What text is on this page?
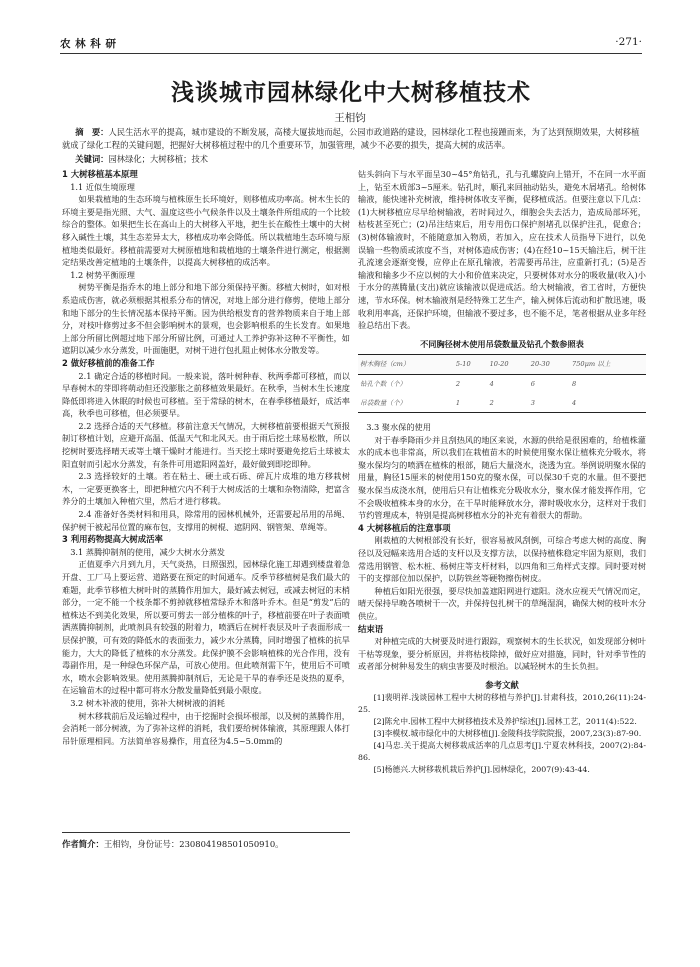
农 林 科 研	·271·
浅谈城市园林绿化中大树移植技术
王相钧
摘　要：人民生活水平的提高，城市建设的不断发展，高楼大厦拔地而起，公园市政道路的建设，园林绿化工程也接踵而来，为了达到预期效果，大树移植就成了绿化工程的关键问题，把握好大树移植过程中的几个重要环节，加强管理，减少不必要的损失，提高大树的成活率。
关键词：园林绿化；大树移植；技术

1 大树移植基本原理

1.1 近似生境原理

如果栽植地的生态环境与植株原生长环境好，则移植成功率高。树木生长的环境主要是指光照、大气、温度这些小气候条件以及土壤条件所组成的一个比较综合的整体。如果把生长在高山上的大树移入平地，把生长在酸性土壤中的大树移入碱性土壤，其生态差异太大，移植成功率会降低。所以栽植地生态环境与原植地类似最好。移植前需要对大树原植地和栽植地的土壤条件进行测定，根据测定结果改善定植地的土壤条件，以提高大树移植的成活率。

1.2 树势平衡原理

树势平衡是指乔木的地上部分和地下部分须保持平衡。移植大树时，如对根系造成伤害，就必须根据其根系分布的情况，对地上部分进行修剪，使地上部分和地下部分的生长情况基本保持平衡。因为供给根发育的营养物质来自于地上部分，对枝叶修剪过多不但会影响树木的景观，也会影响根系的生长发育。如果地上部分所留比例超过地下部分所留比例，可通过人工养护弥补这种不平衡性，如遮阴以减少水分蒸发，叶面施肥，对树干进行包扎阻止树体水分散发等。

2 做好移植前的准备工作

2.1 确定合适的移植时间。一般来说，落叶树种春、秋两季都可移植，而以早春树木的芽即将萌动但还没膨胀之前移植效果最好。在秋季，当树木生长速度降低即将进入休眠的时候也可移植。至于常绿的树木，在春季移植最好，成活率高，秋季也可移植，但必须要早。

2.2 选择合适的天气移植。移前注意天气情况，大树移植前要根据天气预报制订移植计划，应避开高温、低温天气和北风天。由于雨后挖土球易松散，所以挖树时要选择晴天或等土壤干燥时才能进行。当天挖土球时要避免挖后土球被太阳直射而引起水分蒸发，有条件可用遮阳网盖好，最好做到即挖即种。

2.3 选择较好的土壤。若在粘土、硬土或石砾、碎瓦片成堆的地方移栽树木，一定要更换客土，即把种植穴内不利于大树成活的土壤和杂物清除，把富含养分的土壤加入种植穴里，然后才进行移栽。

2.4 准备好各类材料和用具，除常用的园林机械外，还需要起吊用的吊绳、保护树干被起吊位置的麻布包，支撑用的树棍、遮阴网、钢管架、草绳等。

3 利用药物提高大树成活率

3.1 蒸腾抑制剂的使用，减少大树水分蒸发

正值夏季六月到九月，天气炎热，日照强烈，园林绿化施工却遇到楼盘着急开盘、工厂马上要运营、道路要在预定的时间通车。反季节移植树是我们最大的难题，此季节移植大树叶时的蒸腾作用加大，最好减去树冠，或减去树冠的末梢部分，一定不能一个枝条都不剪掉就移植常绿乔木和落叶乔木。但是“剪发”后的植株达不到美化效果，所以要可剪去一部分植株的叶子，移植前要在叶子表面喷洒蒸腾抑制剂，此喷剂具有较强的附着力，喷洒后在树杆表层及叶子表面形成一层保护膜，可有效的降低水的表面张力，减少水分蒸腾，同时增强了植株的抗旱能力，大大的降低了植株的水分蒸发。此保护膜不会影响植株的光合作用，没有毒副作用，是一种绿色环保产品，可放心使用。但此喷剂需下午，使用后不可喷水，喷水会影响效果。使用蒸腾抑制剂后，无论是干旱的春季还是炎热的夏季，在运输苗木的过程中都可将水分散发量降低到最小限度。

3.2 树木补液的使用，弥补大树树液的消耗

树木移栽前后及运输过程中，由于挖掘时会损坏根部，以及树的蒸腾作用，会消耗一部分树液，为了弥补这样的消耗，我们要给树体输液，其原理跟人体打吊针原理相同。方法简单容易操作，用直径为4.5~5.0mm的

钻头斜向下与水平面呈30~45°角钻孔，孔与孔螺旋向上错开，不在同一水平面上，钻至木质部3~5厘米。钻孔时，顺孔来回抽动钻头，避免木屑堵孔。给树体输液，能快速补充树液，维持树体收支平衡，促移植成活。但要注意以下几点：(1)大树移植应尽早给树输液，若时间过久，细胞会失去活力，造成局部坏死，枯枝甚至死亡；(2)吊注结束后，用专用伤口保护剂堵孔以保护注孔，促愈合；(3)树体输液时，不能随意加入物质，若加入，应在技术人员指导下进行，以免误输一些物质或浓度不当，对树体造成伤害；(4)在经10~15天输注后，树干注孔流速会逐渐变慢，应停止在原孔输液，若需要再吊注，应重新打孔；(5)是否输液和输多少不应以树的大小和价值来决定，只要树体对水分的吸收量(收入)小于水分的蒸腾量(支出)就应该输液以促进成活。给大树输液，省工省时，方便快速，节水环保。树木输液剂是经特殊工艺生产，输入树体后流动和扩散迅速，吸收利用率高，还保护环境，但输液不要过多，也不能不足，笔者根据从业多年经验总结出下表。

不同胸径树木使用吊袋数量及钻孔个数参照表
树木胸径（cm）	5-10	10-20	20-30	750μm 以上
钻孔个数（个）	2	4	6	8
吊袋数量（个）	1	2	3	4

3.3 聚水保的使用

对于春季降雨少并且刮热风的地区来说，水源的供给是很困难的，给植株灌水的成本也非常高，所以我们在栽植苗木的时候使用聚水保让植株充分吸水，将聚水保均匀的喷洒在植株的根部，随后大量浇水，浇透为宜。举例说明聚水保的用量，胸径15厘米的树使用150克的聚水保，可以保30千克的水量。但不要把聚水保当成浇水剂，使用后只有让植株充分吸收水分，聚水保才能发挥作用，它不会吸收植株本身的水分，在干旱时能释放水分，滞时吸收水分，这样对于我们节约管理成本，特别是提高树移植水分的补充有着很大的帮助。

4 大树移植后的注意事项

刚栽植的大树根部没有长好，很容易被风刮倒，可综合考虑大树的高度、胸径以及冠幅来选用合适的支杆以及支撑方法，以保持植株稳定牢固为原则，我们常选用钢管、松木桩、杨树庄等支杆材料，以四角和三角样式支撑。同时要对树干的支撑部位加以保护，以防铁丝等硬物擦伤树皮。

种植后如阳光很强，要尽快加盖遮阳网进行遮阳。浇水应视天气情况而定，晴天保持早晚各喷树干一次，并保持包扎树干的草绳湿润，确保大树的枝叶水分供应。

结束语

对种植完成的大树要及时进行跟踪，观察树木的生长状况，如发现部分树叶干枯等现象，要分析原因，并将枯枝除掉，做好应对措施，同时，针对季节性的或者部分树种易发生的病虫害要及时根治。以减轻树木的生长负担。

参考文献

[1]裴明祥.浅谈园林工程中大树的移植与养护[J].甘肃科技，2010,26(11):24-25.

[2]陈允中.园林工程中大树移植技术及养护综述[J].园林工艺，2011(4):522.

[3]李模权.城市绿化中的大树移植[J].金陵科技学院院报，2007,23(3):87-90.

[4]马忠.关于提高大树移栽成活率的几点思考[J].宁夏农林科技，2007(2):84-86.

[5]杨德兴.大树移栽机栽后养护[J].园林绿化，2007(9):43-44.

作者简介：王相钧，身份证号：230804198501050910。
